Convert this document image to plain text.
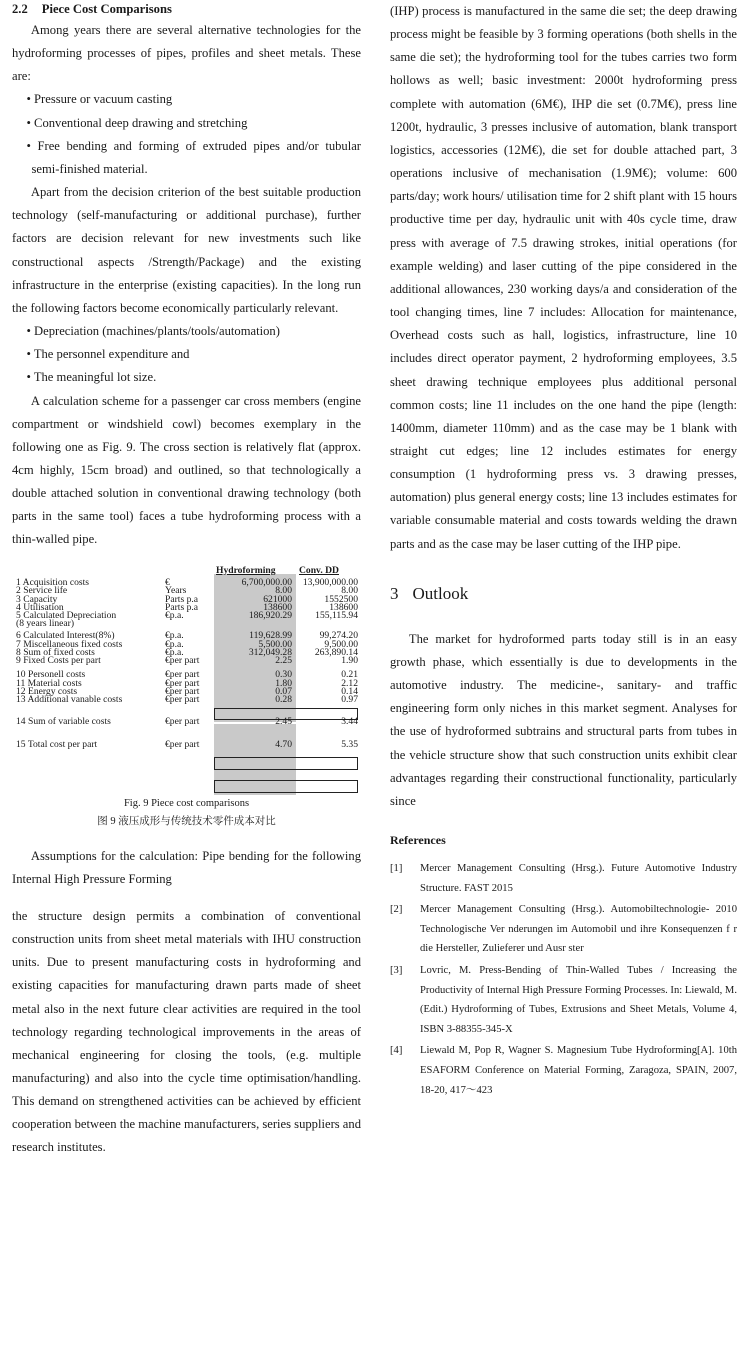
2.2 Piece Cost Comparisons

Among years there are several alternative technologies for the hydroforming processes of pipes, profiles and sheet metals. These are:

• Pressure or vacuum casting

• Conventional deep drawing and stretching

• Free bending and forming of extruded pipes and/or tubular semi-finished material.

Apart from the decision criterion of the best suitable production technology (self-manufacturing or additional purchase), further factors are decision relevant for new investments such like constructional aspects /Strength/Package) and the existing infrastructure in the enterprise (existing capacities). In the long run the following factors become economically particularly relevant.

• Depreciation (machines/plants/tools/automation)

• The personnel expenditure and

• The meaningful lot size.

A calculation scheme for a passenger car cross members (engine compartment or windshield cowl) becomes exemplary in the following one as Fig. 9. The cross section is relatively flat (approx. 4cm highly, 15cm broad) and outlined, so that technologically a double attached solution in conventional drawing technology (both parts in the same tool) faces a tube hydroforming process with a thin-walled pipe.

Hydroforming Conv. DD
1 Acquisition costs	€	6,700,000.00	13,900,000.00
2 Service life	Years	8.00	8.00
3 Capacity	Parts p.a	621000	1552500
4 Utilisation	Parts p.a	138600	138600
5 Calculated Depreciation	€p.a.	186,920.29	155,115.94
(8 years linear)
6 Calculated Interest(8%)	€p.a.	119,628.99	99,274.20
7 Miscellaneous fixed costs	€p.a.	5,500.00	9,500.00
8 Sum of fixed costs	€p.a.	312,049.28	263,890.14
9 Fixed Costs per part	€per part	2.25	1.90
10 Personell costs	€per part	0.30	0.21
11 Material costs	€per part	1.80	2.12
12 Energy costs	€per part	0.07	0.14
13 Additional vanable costs	€per part	0.28	0.97
14 Sum of variable costs	€per part	2.45	3.44
15 Total cost per part	€per part	4.70	5.35
Fig. 9 Piece cost comparisons
图 9 液压成形与传统技术零件成本对比

Assumptions for the calculation: Pipe bending for the following Internal High Pressure Forming

the structure design permits a combination of conventional construction units from sheet metal materials with IHU construction units. Due to present manufacturing costs in hydroforming and existing capacities for manufacturing drawn parts made of sheet metal also in the next future clear activities are required in the tool technology regarding technological improvements in the areas of mechanical engineering for closing the tools, (e.g. multiple manufacturing) and also into the cycle time optimisation/handling. This demand on strengthened activities can be achieved by efficient cooperation between the machine manufacturers, series suppliers and research institutes.

(IHP) process is manufactured in the same die set; the deep drawing process might be feasible by 3 forming operations (both shells in the same die set); the hydroforming tool for the tubes carries two form hollows as well; basic investment: 2000t hydroforming press complete with automation (6M€), IHP die set (0.7M€), press line 1200t, hydraulic, 3 presses inclusive of automation, blank transport logistics, accessories (12M€), die set for double attached part, 3 operations inclusive of mechanisation (1.9M€); volume: 600 parts/day; work hours/ utilisation time for 2 shift plant with 15 hours productive time per day, hydraulic unit with 40s cycle time, draw press with average of 7.5 drawing strokes, initial operations (for example welding) and laser cutting of the pipe considered in the additional allowances, 230 working days/a and consideration of the tool changing times, line 7 includes: Allocation for maintenance, Overhead costs such as hall, logistics, infrastructure, line 10 includes direct operator payment, 2 hydroforming employees, 3.5 sheet drawing technique employees plus additional personal common costs; line 11 includes on the one hand the pipe (length: 1400mm, diameter 110mm) and as the case may be 1 blank with straight cut edges; line 12 includes estimates for energy consumption (1 hydroforming press vs. 3 drawing presses, automation) plus general energy costs; line 13 includes estimates for variable consumable material and costs towards welding the drawn parts and as the case may be laser cutting of the IHP pipe.

3 Outlook

The market for hydroformed parts today still is in an easy growth phase, which essentially is due to developments in the automotive industry. The medicine-, sanitary- and traffic engineering form only niches in this market segment. Analyses for the use of hydroformed subtrains and structural parts from tubes in the vehicle structure show that such construction units exhibit clear advantages regarding their constructional functionality, particularly since

References
[1]	Mercer Management Consulting (Hrsg.). Future Automotive Industry Structure. FAST 2015
[2]	Mercer Management Consulting (Hrsg.). Automobiltechnologie- 2010 Technologische Ver nderungen im Automobil und ihre Konsequenzen f r die Hersteller, Zulieferer und Ausr ster
[3]	Lovric, M. Press-Bending of Thin-Walled Tubes / Increasing the Productivity of Internal High Pressure Forming Processes. In: Liewald, M. (Edit.) Hydroforming of Tubes, Extrusions and Sheet Metals, Volume 4, ISBN 3-88355-345-X
[4]	Liewald M, Pop R, Wagner S. Magnesium Tube Hydroforming[A]. 10th ESAFORM Conference on Material Forming, Zaragoza, SPAIN, 2007, 18-20, 417～423
